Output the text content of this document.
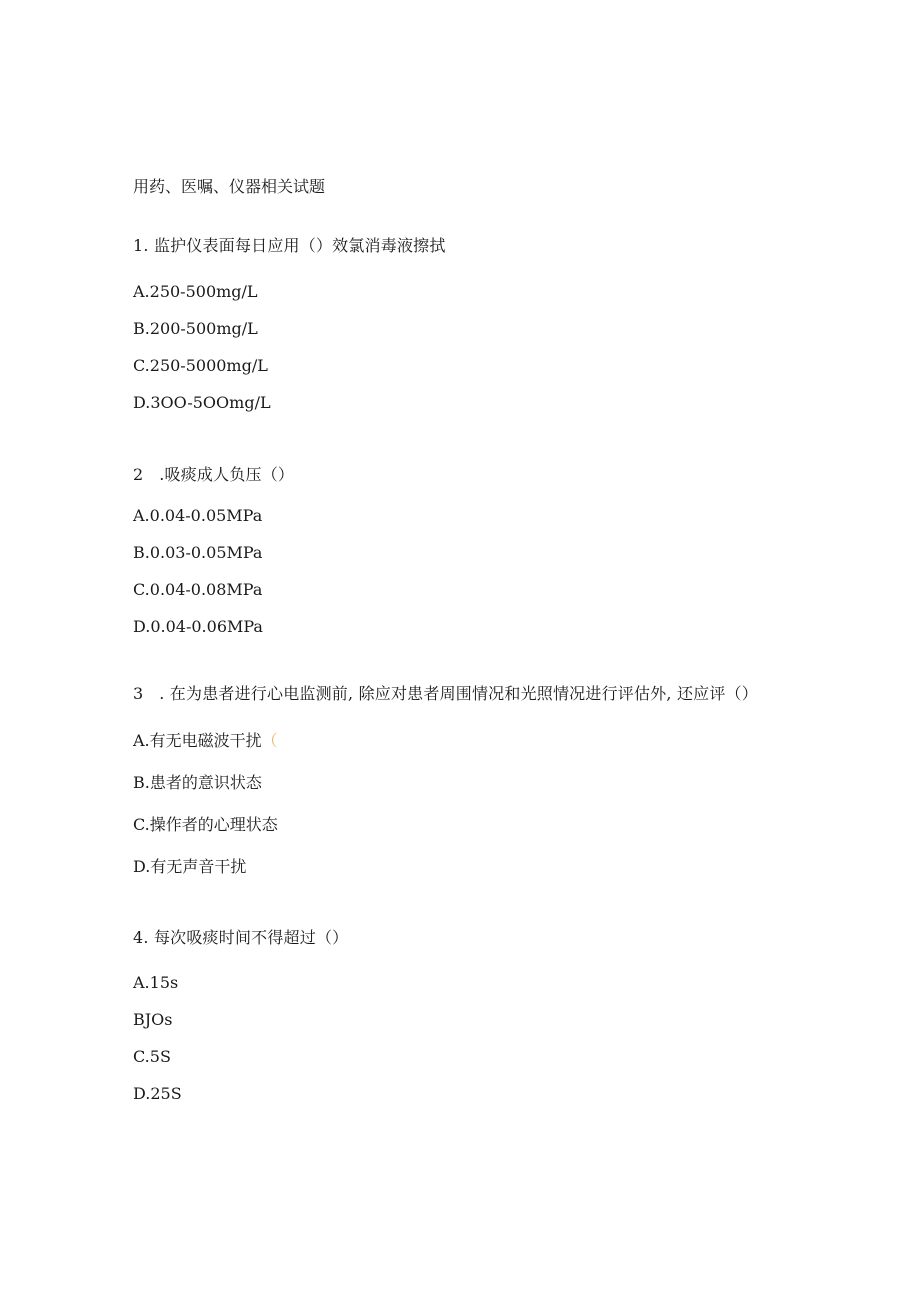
用药、医嘱、仪器相关试题
1. 监护仪表面每日应用（）效氯消毒液擦拭
A.250-500mg∕L
B.200-500mg∕L
C.250-5000mg∕L
D.3OO-5OOmg∕L
2   .吸痰成人负压（）
A.0.04-0.05MPa
B.0.03-0.05MPa
C.0.04-0.08MPa
D.0.04-0.06MPa
3   . 在为患者进行心电监测前, 除应对患者周围情况和光照情况进行评估外, 还应评（）
A.有无电磁波干扰（
B.患者的意识状态
C.操作者的心理状态
D.有无声音干扰
4. 每次吸痰时间不得超过（）
A.15s
BJOs
C.5S
D.25S
